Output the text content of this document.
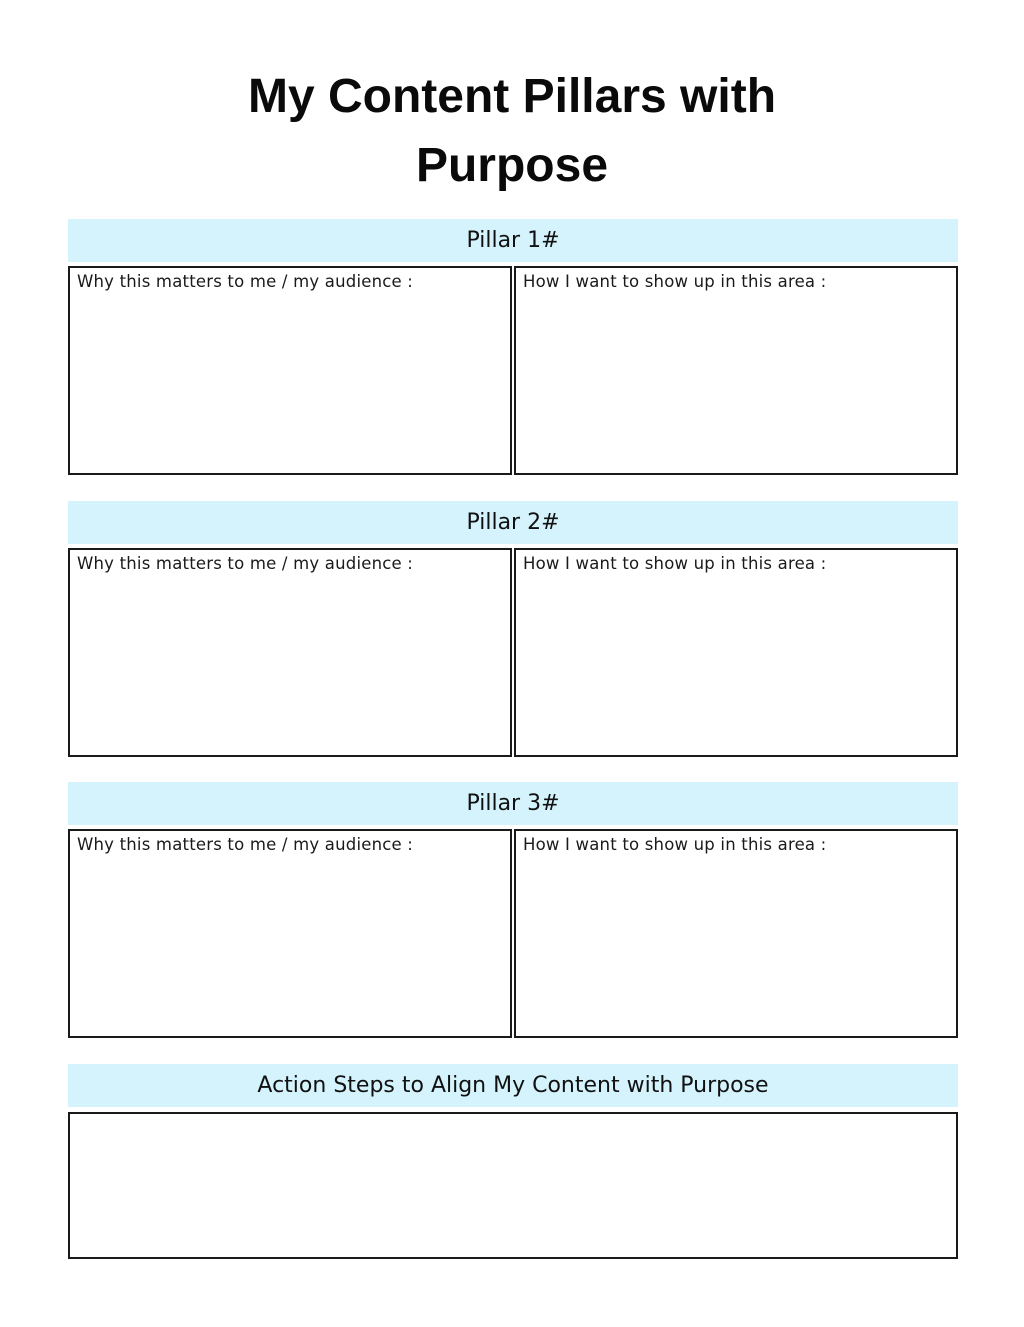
My Content Pillars with Purpose
Pillar 1#
Why this matters to me / my audience :	How I want to show up in this area :
Pillar 2#
Why this matters to me / my audience :	How I want to show up in this area :
Pillar 3#
Why this matters to me / my audience :	How I want to show up in this area :
Action Steps to Align My Content with Purpose
